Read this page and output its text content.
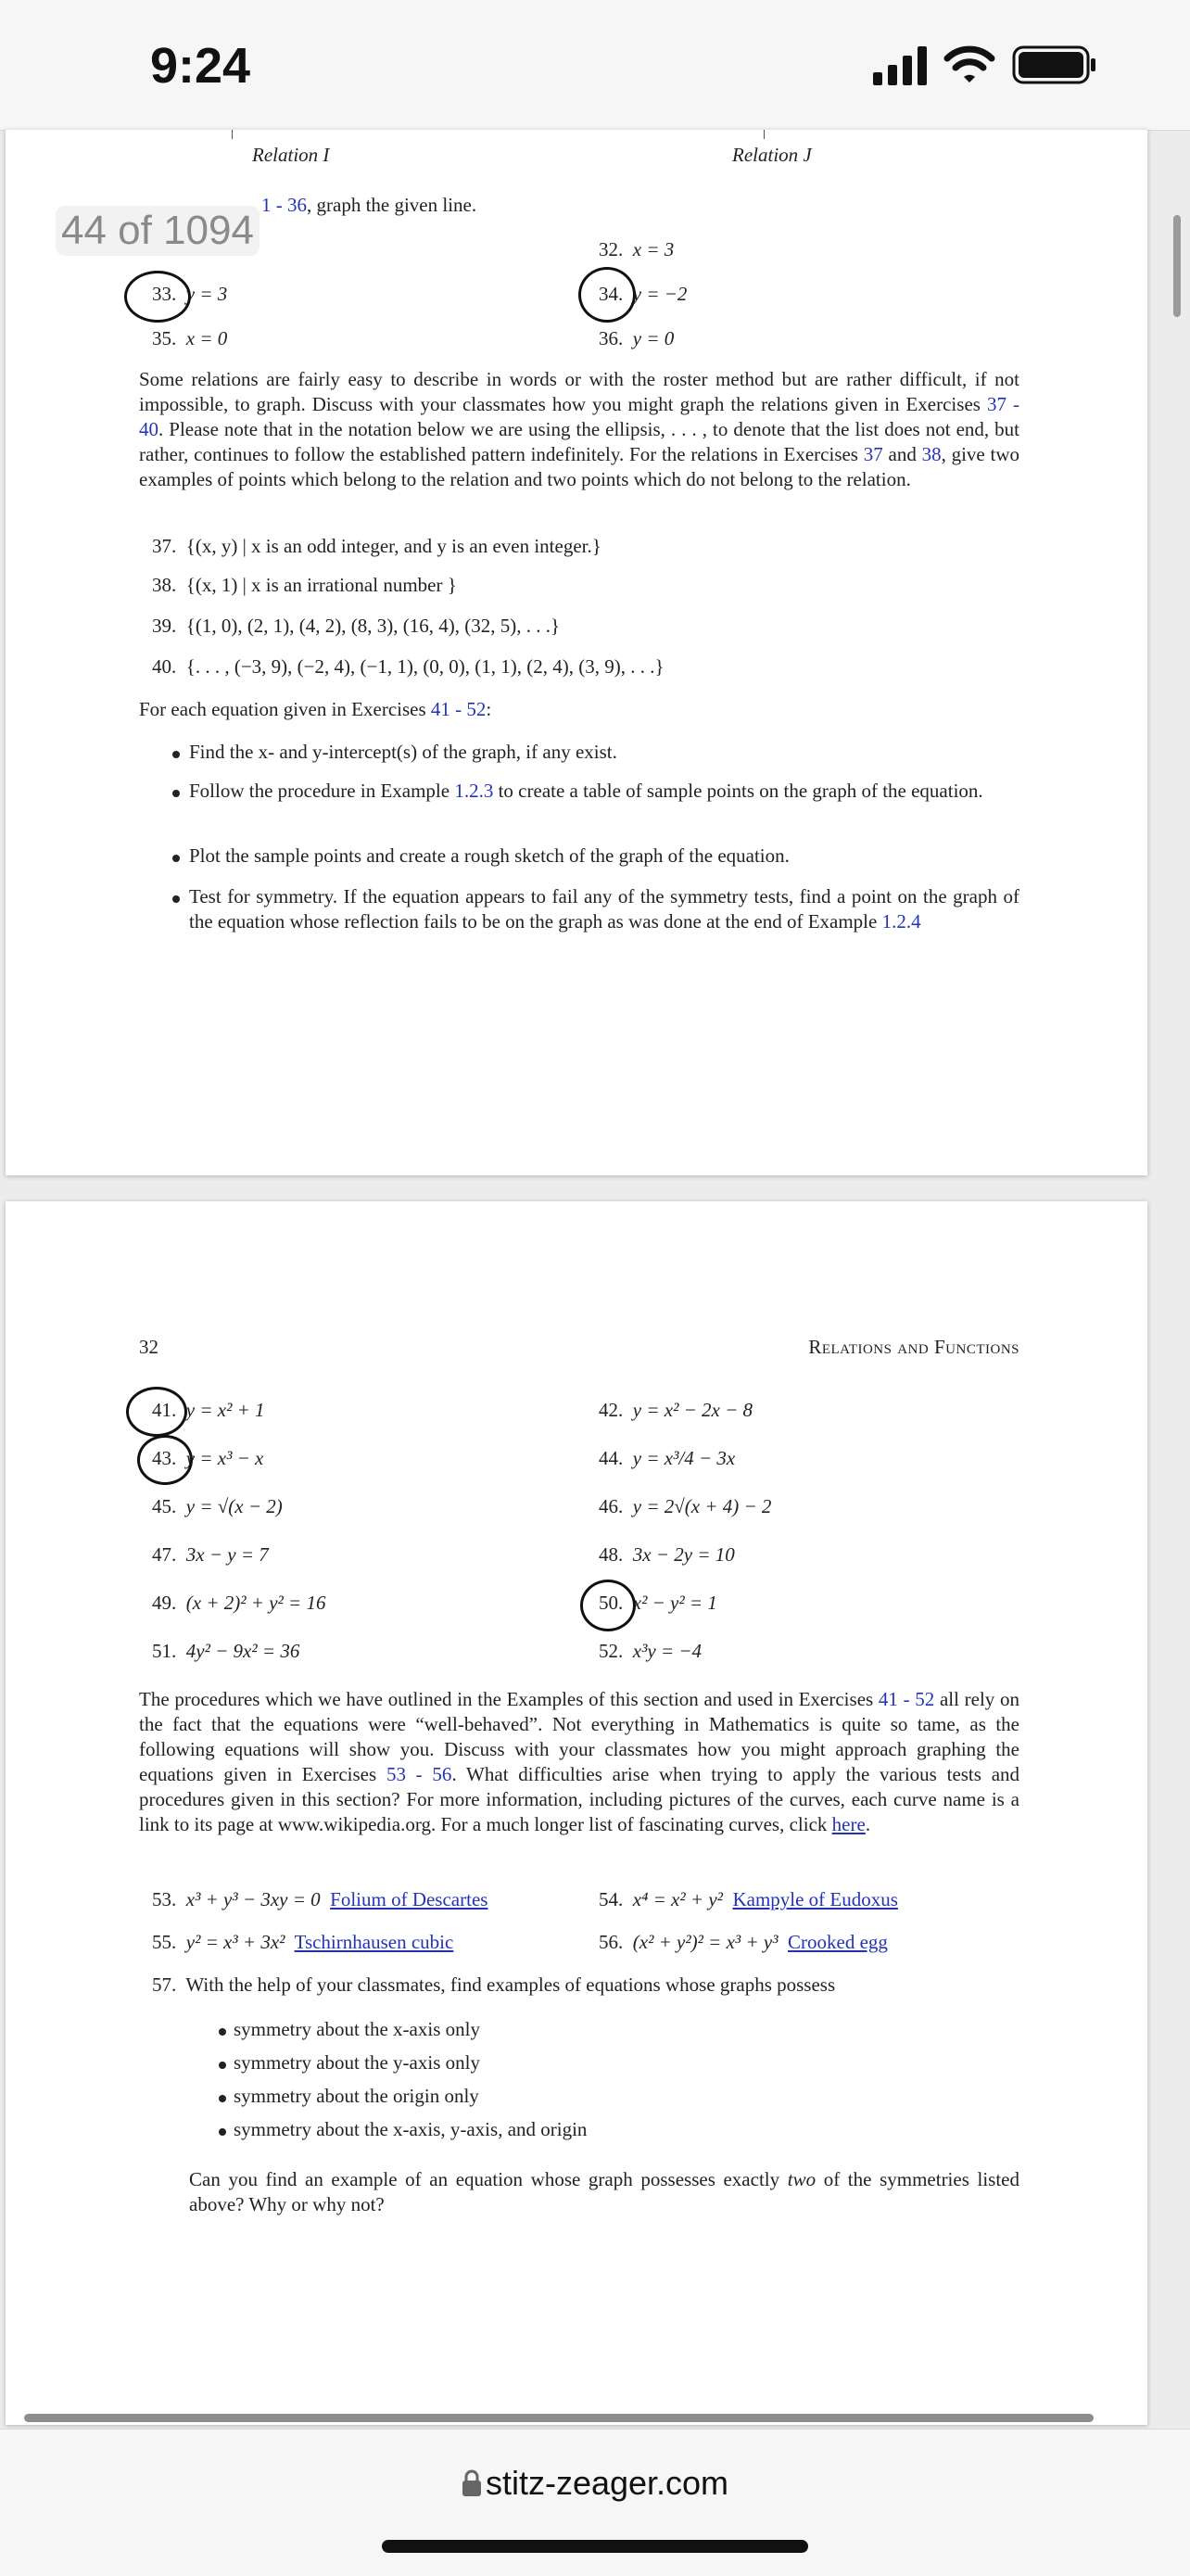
9:24
Relation I	Relation J
1 - 36, graph the given line.
32. x = 3
33. y = 3	34. y = −2
35. x = 0	36. y = 0
Some relations are fairly easy to describe in words or with the roster method but are rather difficult, if not impossible, to graph. Discuss with your classmates how you might graph the relations given in Exercises 37 - 40. Please note that in the notation below we are using the ellipsis, . . . , to denote that the list does not end, but rather, continues to follow the established pattern indefinitely. For the relations in Exercises 37 and 38, give two examples of points which belong to the relation and two points which do not belong to the relation.
37. {(x, y) | x is an odd integer, and y is an even integer.}
38. {(x, 1) | x is an irrational number }
39. {(1, 0), (2, 1), (4, 2), (8, 3), (16, 4), (32, 5), . . .}
40. {. . . , (−3, 9), (−2, 4), (−1, 1), (0, 0), (1, 1), (2, 4), (3, 9), . . .}
For each equation given in Exercises 41 - 52:
Find the x- and y-intercept(s) of the graph, if any exist.
Follow the procedure in Example 1.2.3 to create a table of sample points on the graph of the equation.
Plot the sample points and create a rough sketch of the graph of the equation.
Test for symmetry. If the equation appears to fail any of the symmetry tests, find a point on the graph of the equation whose reflection fails to be on the graph as was done at the end of Example 1.2.4
44 of 1094
32	Relations and Functions
41. y = x² + 1	42. y = x² − 2x − 8
43. y = x³ − x	44. y = x³/4 − 3x
45. y = √(x − 2)	46. y = 2√(x + 4) − 2
47. 3x − y = 7	48. 3x − 2y = 10
49. (x + 2)² + y² = 16	50. x² − y² = 1
51. 4y² − 9x² = 36	52. x³y = −4
The procedures which we have outlined in the Examples of this section and used in Exercises 41 - 52 all rely on the fact that the equations were “well-behaved”. Not everything in Mathematics is quite so tame, as the following equations will show you. Discuss with your classmates how you might approach graphing the equations given in Exercises 53 - 56. What difficulties arise when trying to apply the various tests and procedures given in this section? For more information, including pictures of the curves, each curve name is a link to its page at www.wikipedia.org. For a much longer list of fascinating curves, click here.
53. x³ + y³ − 3xy = 0 Folium of Descartes	54. x⁴ = x² + y² Kampyle of Eudoxus
55. y² = x³ + 3x² Tschirnhausen cubic	56. (x² + y²)² = x³ + y³ Crooked egg
57. With the help of your classmates, find examples of equations whose graphs possess
symmetry about the x-axis only
symmetry about the y-axis only
symmetry about the origin only
symmetry about the x-axis, y-axis, and origin
Can you find an example of an equation whose graph possesses exactly two of the symmetries listed above? Why or why not?
stitz-zeager.com
